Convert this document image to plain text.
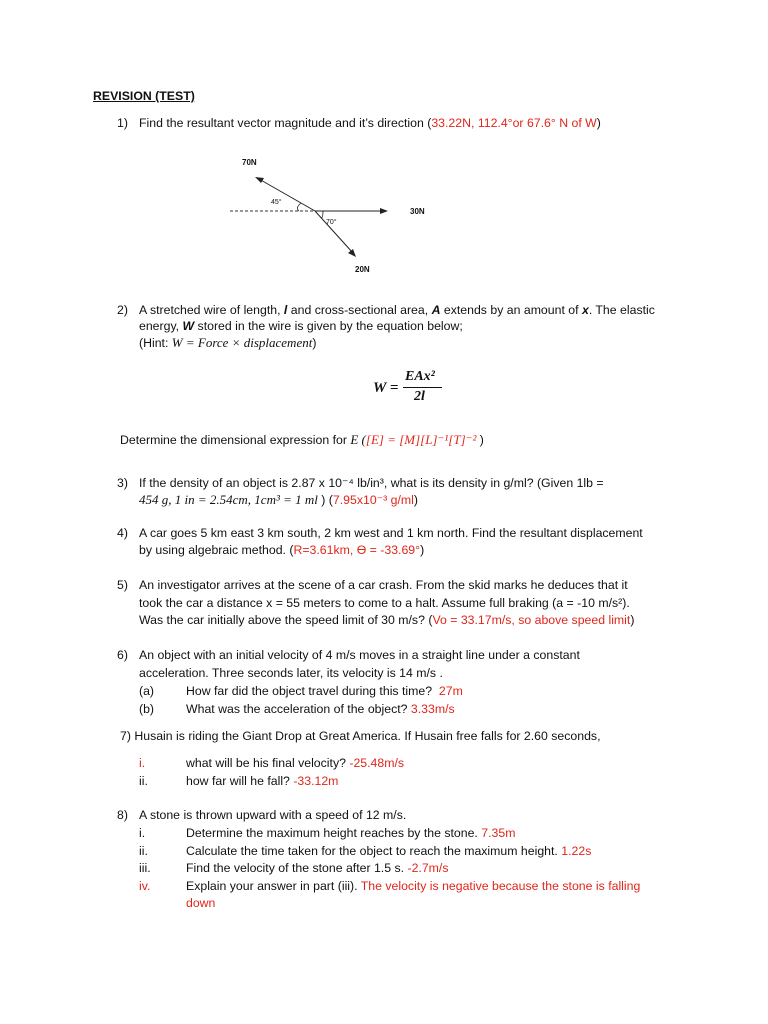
REVISION (TEST)
1) Find the resultant vector magnitude and it’s direction (33.22N, 112.4°or 67.6° N of W)
70N
30N
20N
45°
70°
2) A stretched wire of length, l and cross-sectional area, A extends by an amount of x. The elastic
energy, W stored in the wire is given by the equation below;
(Hint: W = Force × displacement)
W =
EAx²
2l
Determine the dimensional expression for E ([E] = [M][L]⁻¹[T]⁻² )
3) If the density of an object is 2.87 x 10⁻⁴ lb/in³, what is its density in g/ml? (Given 1lb =
454 g, 1 in = 2.54cm, 1cm³ = 1 ml ) (7.95x10⁻³ g/ml)
4) A car goes 5 km east 3 km south, 2 km west and 1 km north. Find the resultant displacement
by using algebraic method. (R=3.61km, ϴ = -33.69°)
5) An investigator arrives at the scene of a car crash. From the skid marks he deduces that it
took the car a distance x = 55 meters to come to a halt. Assume full braking (a = -10 m/s²).
Was the car initially above the speed limit of 30 m/s? (Vo = 33.17m/s, so above speed limit)
6) An object with an initial velocity of 4 m/s moves in a straight line under a constant
acceleration. Three seconds later, its velocity is 14 m/s .
(a)	How far did the object travel during this time? 27m
(b)	What was the acceleration of the object? 3.33m/s
7) Husain is riding the Giant Drop at Great America. If Husain free falls for 2.60 seconds,
i.	what will be his final velocity? -25.48m/s
ii.	how far will he fall? -33.12m
8) A stone is thrown upward with a speed of 12 m/s.
i.	Determine the maximum height reaches by the stone. 7.35m
ii.	Calculate the time taken for the object to reach the maximum height. 1.22s
iii.	Find the velocity of the stone after 1.5 s. -2.7m/s
iv.	Explain your answer in part (iii). The velocity is negative because the stone is falling
down
